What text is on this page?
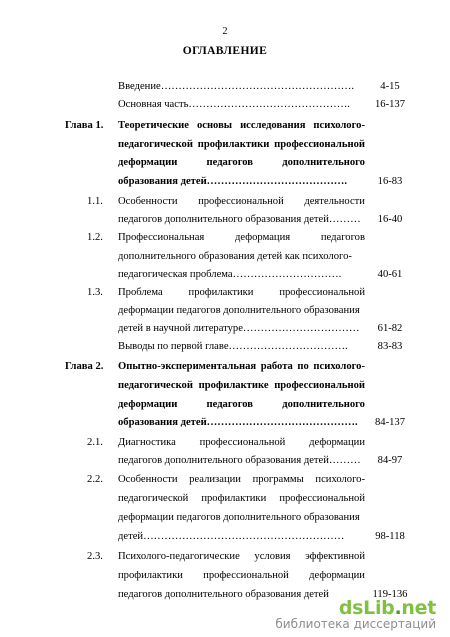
2
ОГЛАВЛЕНИЕ
Введение……………………………………………….	4-15
Основная часть……………………………………….	16-137
Глава 1. Теоретические основы исследования психолого-
педагогической профилактики профессиональной
деформации	педагогов	дополнительного
образования детей………………………………….	16-83
1.1.	Особенности профессиональной деятельности
педагогов дополнительного образования детей………	16-40
1.2.	Профессиональная	деформация	педагогов
дополнительного образования детей как психолого-
педагогическая проблема………………………….	40-61
1.3.	Проблема профилактики профессиональной
деформации педагогов дополнительного образования
детей в научной литературе……………………………	61-82
Выводы по первой главе…………………………….	83-83
Глава 2. Опытно-экспериментальная работа по психолого-
педагогической профилактике профессиональной
деформации	педагогов	дополнительного
образования детей…………………………………….	84-137
2.1.	Диагностика профессиональной деформации
педагогов дополнительного образования детей………	84-97
2.2.	Особенности реализации программы психолого-
педагогической профилактики профессиональной
деформации педагогов дополнительного образования
детей…………………………………………………	98-118
2.3.	Психолого-педагогические условия эффективной
профилактики профессиональной деформации
педагогов дополнительного образования детей	119-136
dsLib.net
библиотека диссертаций
